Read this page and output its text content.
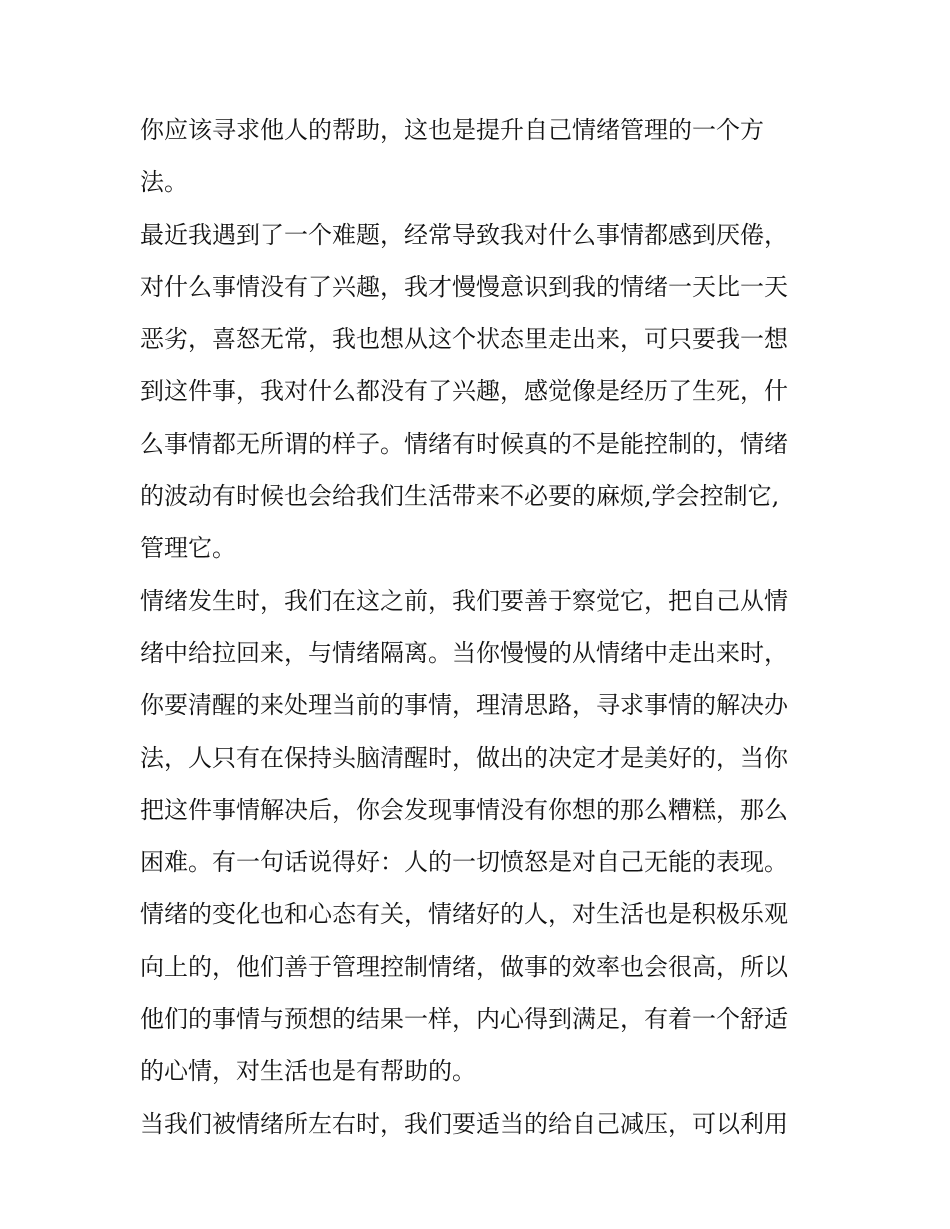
你应该寻求他人的帮助，这也是提升自己情绪管理的一个方
法。
最近我遇到了一个难题，经常导致我对什么事情都感到厌倦，
对什么事情没有了兴趣，我才慢慢意识到我的情绪一天比一天
恶劣，喜怒无常，我也想从这个状态里走出来，可只要我一想
到这件事，我对什么都没有了兴趣，感觉像是经历了生死，什
么事情都无所谓的样子。情绪有时候真的不是能控制的，情绪
的波动有时候也会给我们生活带来不必要的麻烦,学会控制它,
管理它。
情绪发生时，我们在这之前，我们要善于察觉它，把自己从情
绪中给拉回来，与情绪隔离。当你慢慢的从情绪中走出来时，
你要清醒的来处理当前的事情，理清思路，寻求事情的解决办
法，人只有在保持头脑清醒时，做出的决定才是美好的，当你
把这件事情解决后，你会发现事情没有你想的那么糟糕，那么
困难。有一句话说得好：人的一切愤怒是对自己无能的表现。
情绪的变化也和心态有关，情绪好的人，对生活也是积极乐观
向上的，他们善于管理控制情绪，做事的效率也会很高，所以
他们的事情与预想的结果一样，内心得到满足，有着一个舒适
的心情，对生活也是有帮助的。
当我们被情绪所左右时，我们要适当的给自己减压，可以利用
